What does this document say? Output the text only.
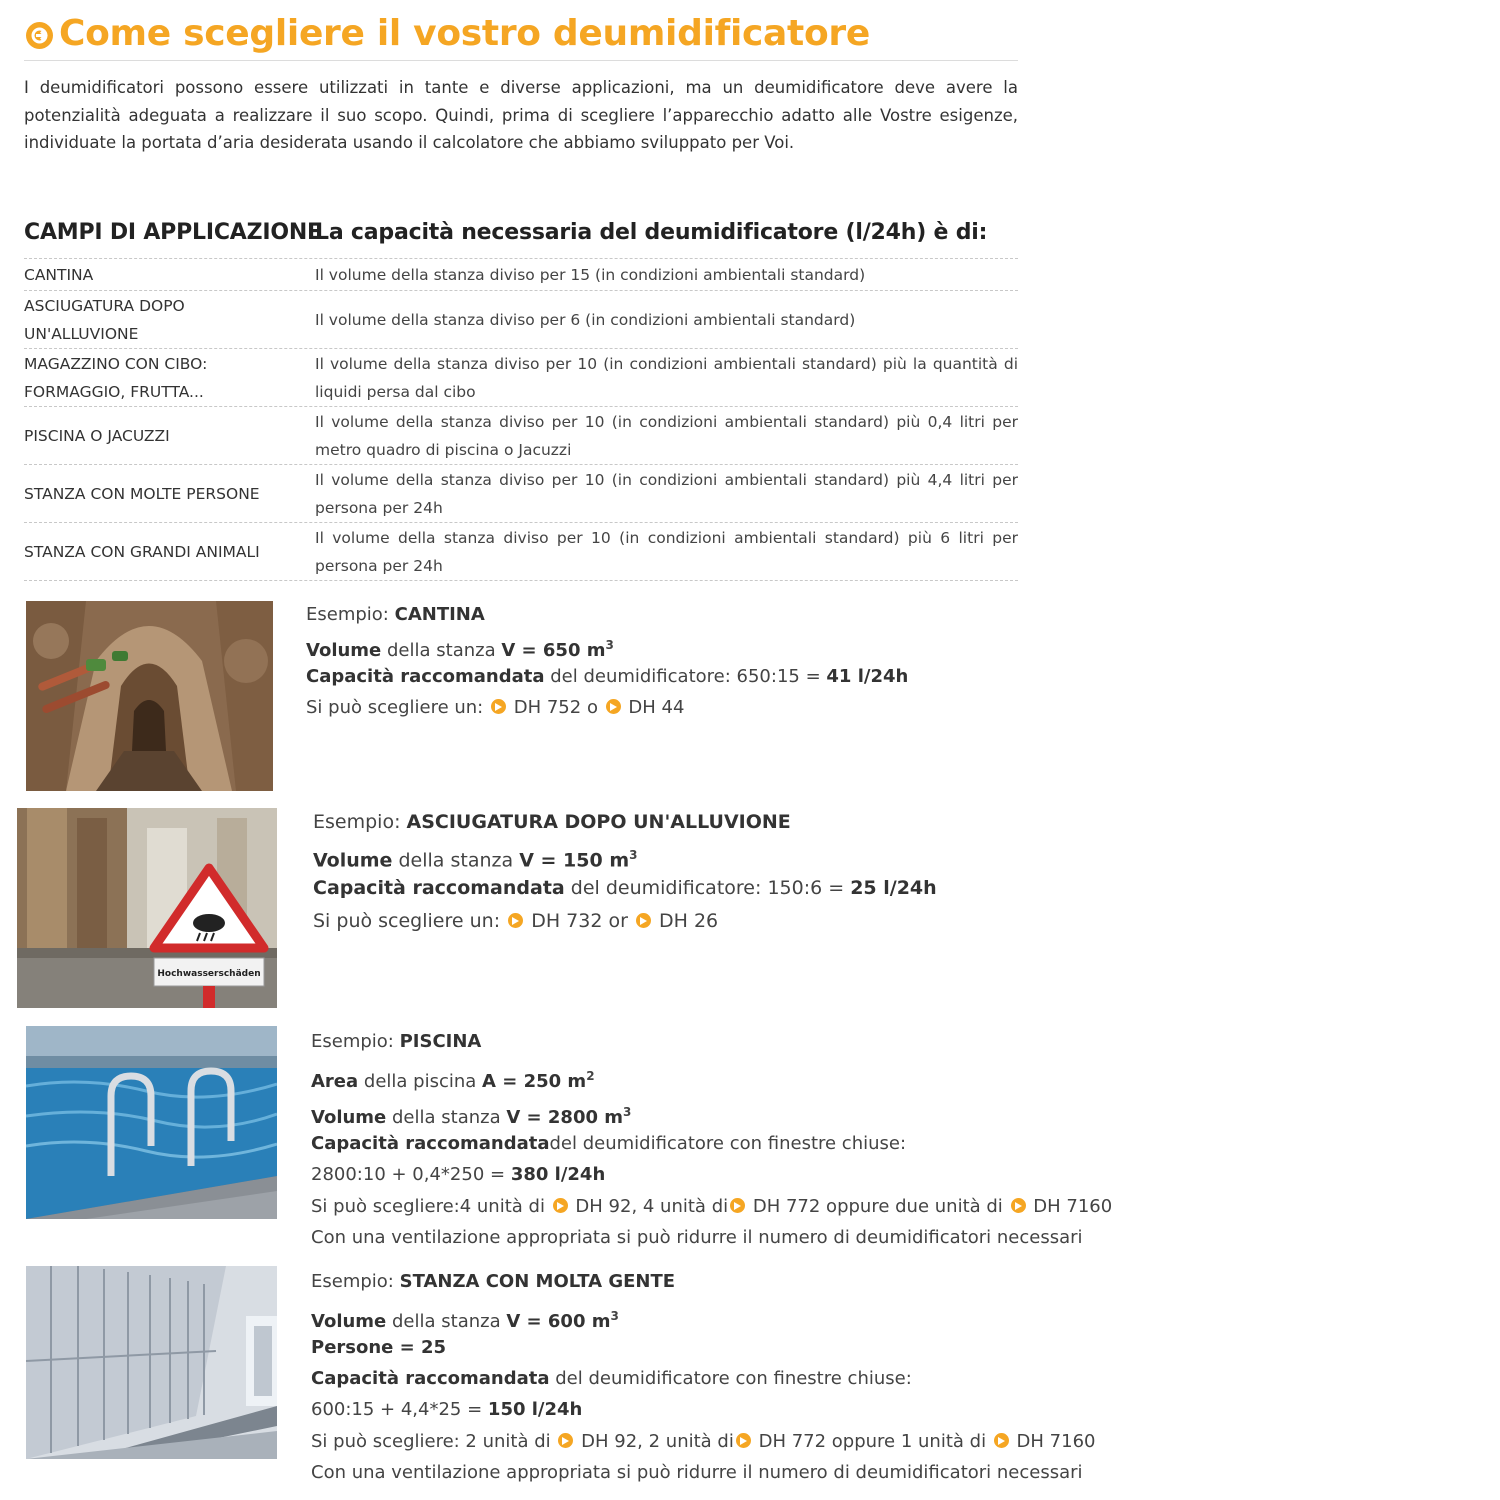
Come scegliere il vostro deumidificatore

I deumidificatori possono essere utilizzati in tante e diverse applicazioni, ma un deumidificatore deve avere la potenzialità adeguata a realizzare il suo scopo. Quindi, prima di scegliere l’apparecchio adatto alle Vostre esigenze, individuate la portata d’aria desiderata usando il calcolatore che abbiamo sviluppato per Voi.

CAMPI DI APPLICAZIONE
La capacità necessaria del deumidificatore (l/24h) è di:
CANTINA	Il volume della stanza diviso per 15 (in condizioni ambientali standard)
ASCIUGATURA DOPO UN'ALLUVIONE
Il volume della stanza diviso per 6 (in condizioni ambientali standard)
MAGAZZINO CON CIBO: FORMAGGIO, FRUTTA...
Il volume della stanza diviso per 10 (in condizioni ambientali standard) più la quantità di liquidi persa dal cibo
PISCINA O JACUZZI
Il volume della stanza diviso per 10 (in condizioni ambientali standard) più 0,4 litri per metro quadro di piscina o Jacuzzi
STANZA CON MOLTE PERSONE
Il volume della stanza diviso per 10 (in condizioni ambientali standard) più 4,4 litri per persona per 24h
STANZA CON GRANDI ANIMALI
Il volume della stanza diviso per 10 (in condizioni ambientali standard) più 6 litri per persona per 24h
Esempio: CANTINA
Volume della stanza V = 650 $m^3$
Capacità raccomandata del deumidificatore: 650:15 = 41 l/24h
Si può scegliere un: DH 752 o DH 44
Hochwasserschäden
Esempio: ASCIUGATURA DOPO UN'ALLUVIONE
Volume della stanza V = 150 $m^3$
Capacità raccomandata del deumidificatore: 150:6 = 25 l/24h
Si può scegliere un: DH 732 or DH 26
Esempio: PISCINA
Area della piscina A = 250 $m^2$
Volume della stanza V = 2800 $m^3$
Capacità raccomandatadel deumidificatore con finestre chiuse:
2800:10 + 0,4*250 = 380 l/24h
Si può scegliere:4 unità di DH 92, 4 unità di DH 772 oppure due unità di DH 7160
Con una ventilazione appropriata si può ridurre il numero di deumidificatori necessari
Esempio: STANZA CON MOLTA GENTE
Volume della stanza V = 600 $m^3$
Persone = 25
Capacità raccomandata del deumidificatore con finestre chiuse:
600:15 + 4,4*25 = 150 l/24h
Si può scegliere: 2 unità di DH 92, 2 unità di DH 772 oppure 1 unità di DH 7160
Con una ventilazione appropriata si può ridurre il numero di deumidificatori necessari
